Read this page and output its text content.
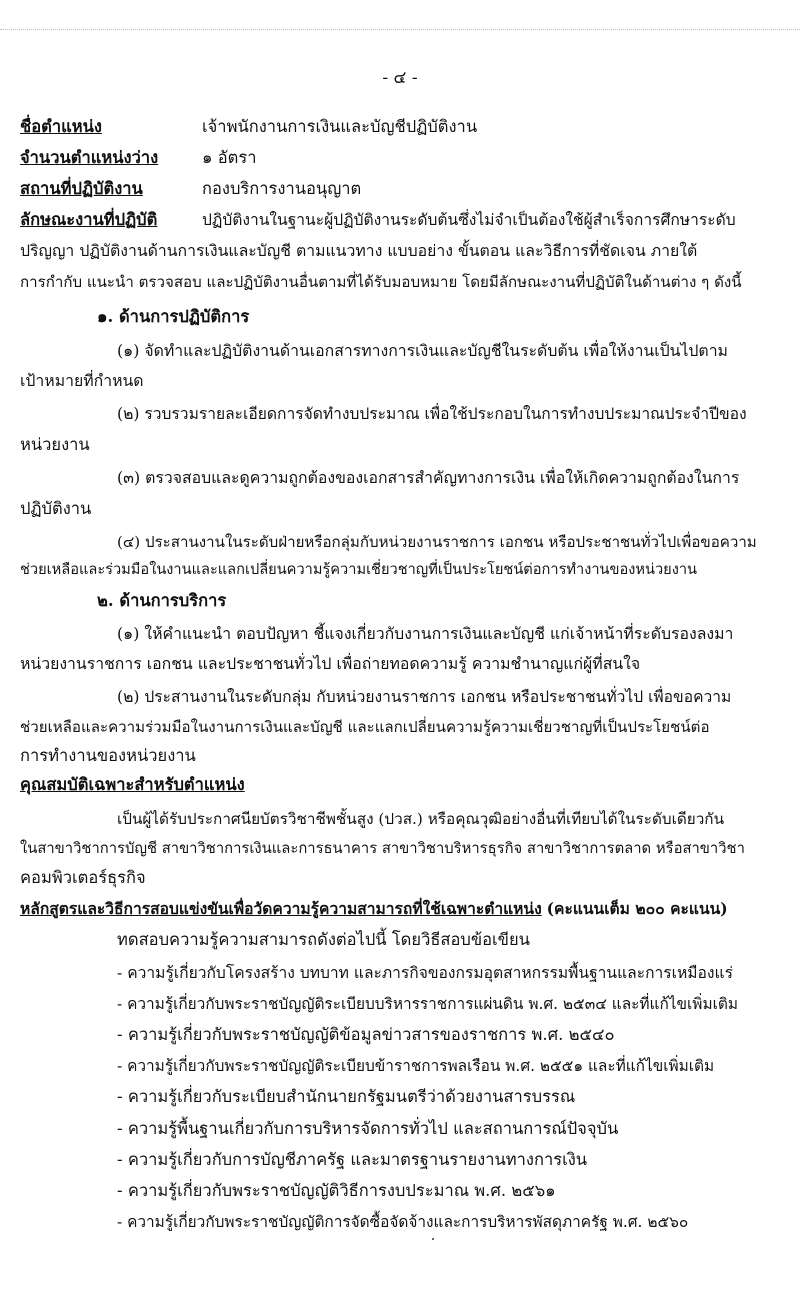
- ๔ -
ชื่อตำแหน่ง	เจ้าพนักงานการเงินและบัญชีปฏิบัติงาน
จำนวนตำแหน่งว่าง	๑ อัตรา
สถานที่ปฏิบัติงาน	กองบริการงานอนุญาต
ลักษณะงานที่ปฏิบัติ	ปฏิบัติงานในฐานะผู้ปฏิบัติงานระดับต้นซึ่งไม่จำเป็นต้องใช้ผู้สำเร็จการศึกษาระดับ
ปริญญา ปฏิบัติงานด้านการเงินและบัญชี ตามแนวทาง แบบอย่าง ขั้นตอน และวิธีการที่ชัดเจน ภายใต้
การกำกับ แนะนำ ตรวจสอบ และปฏิบัติงานอื่นตามที่ได้รับมอบหมาย โดยมีลักษณะงานที่ปฏิบัติในด้านต่าง ๆ ดังนี้
๑. ด้านการปฏิบัติการ
(๑) จัดทำและปฏิบัติงานด้านเอกสารทางการเงินและบัญชีในระดับต้น เพื่อให้งานเป็นไปตาม
เป้าหมายที่กำหนด
(๒) รวบรวมรายละเอียดการจัดทำงบประมาณ เพื่อใช้ประกอบในการทำงบประมาณประจำปีของ
หน่วยงาน
(๓) ตรวจสอบและดูความถูกต้องของเอกสารสำคัญทางการเงิน เพื่อให้เกิดความถูกต้องในการ
ปฏิบัติงาน
(๔) ประสานงานในระดับฝ่ายหรือกลุ่มกับหน่วยงานราชการ เอกชน หรือประชาชนทั่วไปเพื่อขอความ
ช่วยเหลือและร่วมมือในงานและแลกเปลี่ยนความรู้ความเชี่ยวชาญที่เป็นประโยชน์ต่อการทำงานของหน่วยงาน
๒. ด้านการบริการ
(๑) ให้คำแนะนำ ตอบปัญหา ชี้แจงเกี่ยวกับงานการเงินและบัญชี แก่เจ้าหน้าที่ระดับรองลงมา
หน่วยงานราชการ เอกชน และประชาชนทั่วไป เพื่อถ่ายทอดความรู้ ความชำนาญแก่ผู้ที่สนใจ
(๒) ประสานงานในระดับกลุ่ม กับหน่วยงานราชการ เอกชน หรือประชาชนทั่วไป เพื่อขอความ
ช่วยเหลือและความร่วมมือในงานการเงินและบัญชี และแลกเปลี่ยนความรู้ความเชี่ยวชาญที่เป็นประโยชน์ต่อ
การทำงานของหน่วยงาน
คุณสมบัติเฉพาะสำหรับตำแหน่ง
เป็นผู้ได้รับประกาศนียบัตรวิชาชีพชั้นสูง (ปวส.) หรือคุณวุฒิอย่างอื่นที่เทียบได้ในระดับเดียวกัน
ในสาขาวิชาการบัญชี สาขาวิชาการเงินและการธนาคาร สาขาวิชาบริหารธุรกิจ สาขาวิชาการตลาด หรือสาขาวิชา
คอมพิวเตอร์ธุรกิจ
หลักสูตรและวิธีการสอบแข่งขันเพื่อวัดความรู้ความสามารถที่ใช้เฉพาะตำแหน่ง (คะแนนเต็ม ๒๐๐ คะแนน)
ทดสอบความรู้ความสามารถดังต่อไปนี้ โดยวิธีสอบข้อเขียน
- ความรู้เกี่ยวกับโครงสร้าง บทบาท และภารกิจของกรมอุตสาหกรรมพื้นฐานและการเหมืองแร่
- ความรู้เกี่ยวกับพระราชบัญญัติระเบียบบริหารราชการแผ่นดิน พ.ศ. ๒๕๓๔ และที่แก้ไขเพิ่มเติม
- ความรู้เกี่ยวกับพระราชบัญญัติข้อมูลข่าวสารของราชการ พ.ศ. ๒๕๔๐
- ความรู้เกี่ยวกับพระราชบัญญัติระเบียบข้าราชการพลเรือน พ.ศ. ๒๕๕๑ และที่แก้ไขเพิ่มเติม
- ความรู้เกี่ยวกับระเบียบสำนักนายกรัฐมนตรีว่าด้วยงานสารบรรณ
- ความรู้พื้นฐานเกี่ยวกับการบริหารจัดการทั่วไป และสถานการณ์ปัจจุบัน
- ความรู้เกี่ยวกับการบัญชีภาครัฐ และมาตรฐานรายงานทางการเงิน
- ความรู้เกี่ยวกับพระราชบัญญัติวิธีการงบประมาณ พ.ศ. ๒๕๖๑
- ความรู้เกี่ยวกับพระราชบัญญัติการจัดซื้อจัดจ้างและการบริหารพัสดุภาครัฐ พ.ศ. ๒๕๖๐
